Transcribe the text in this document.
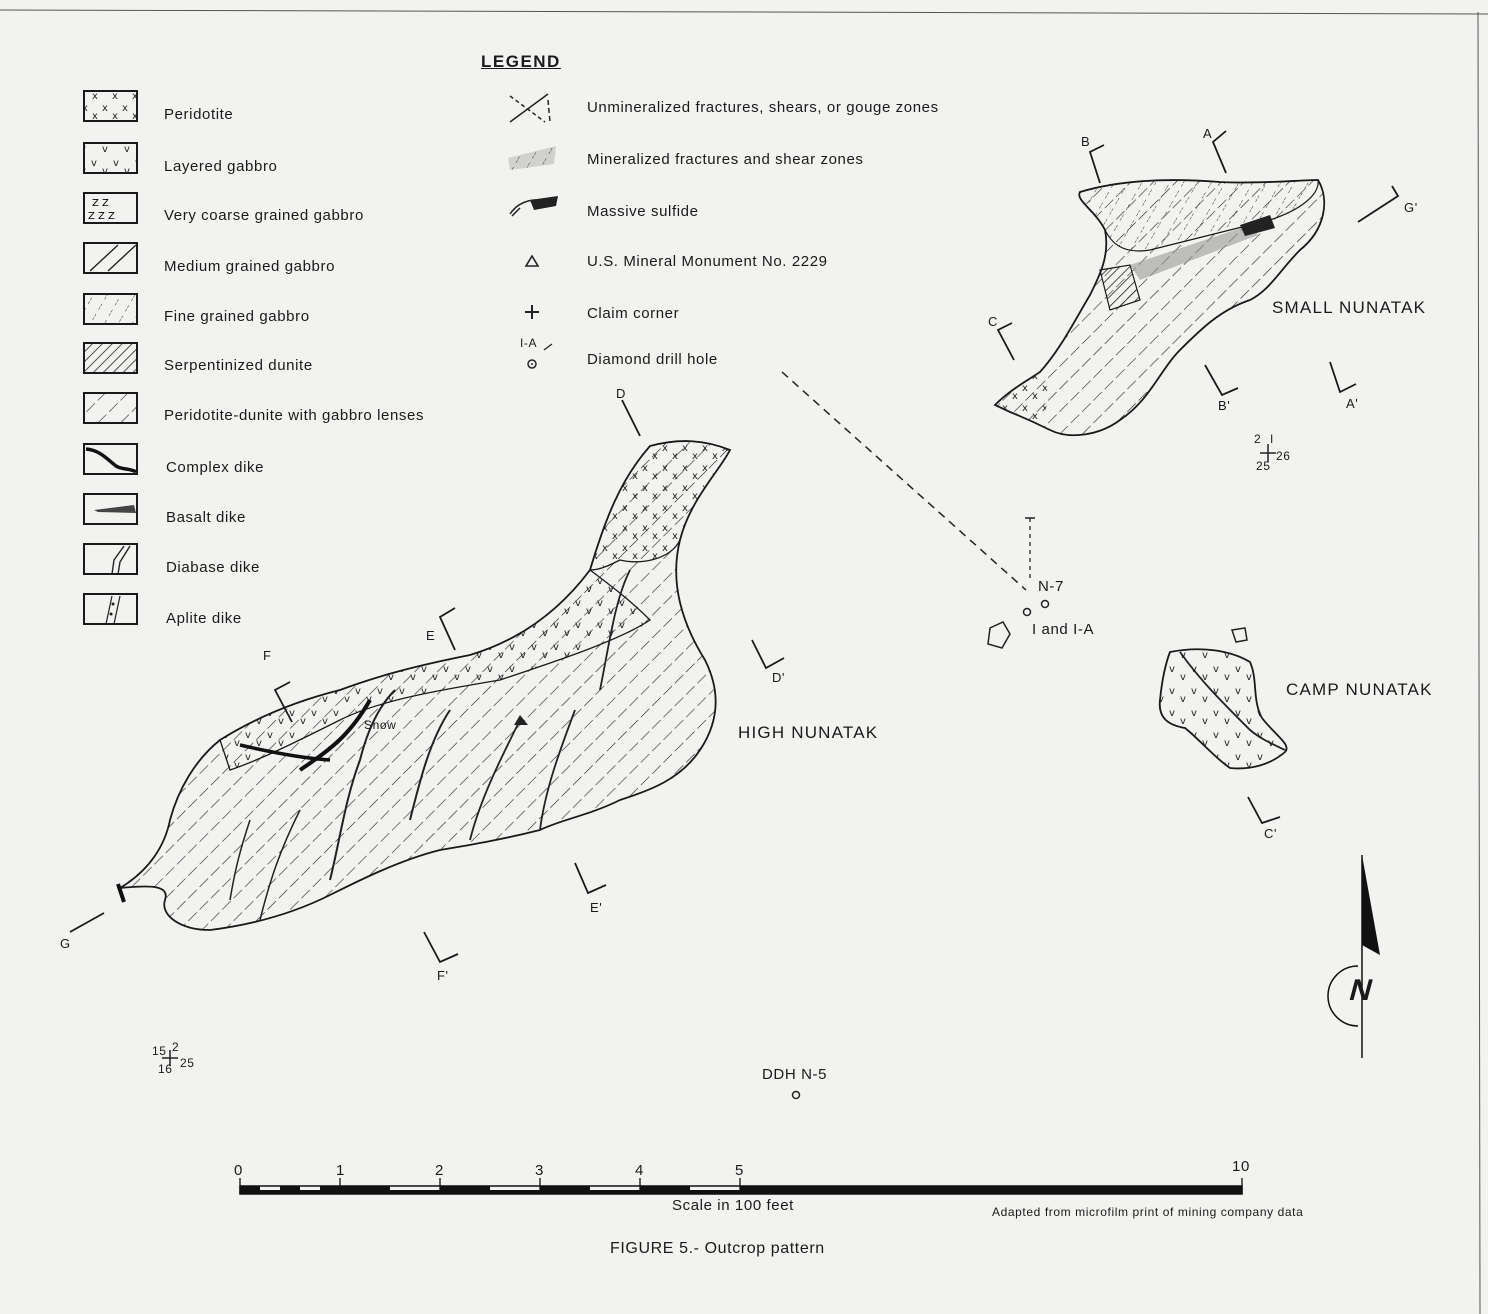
Z Z
Z Z Z
LEGEND
Peridotite
Layered gabbro
Very coarse grained gabbro
Medium grained gabbro
Fine grained gabbro
Serpentinized dunite
Peridotite-dunite with gabbro lenses
Complex dike
Basalt dike
Diabase dike
Aplite dike
Unmineralized fractures, shears, or gouge zones
Mineralized fractures and shear zones
Massive sulfide
U.S. Mineral Monument No. 2229
Claim corner
Diamond drill hole
I-A
SMALL NUNATAK
HIGH NUNATAK
CAMP NUNATAK
A
A'
B
B'
C
C'
D
D'
E
E'
F
F'
G
G'
Snow
N-7
I and I-A
DDH N-5
2 I
25
26
15 2
16 25
N
0	1	2	3	4	5	10
Scale in 100 feet	Adapted from microfilm print of mining company data
FIGURE 5.- Outcrop pattern
